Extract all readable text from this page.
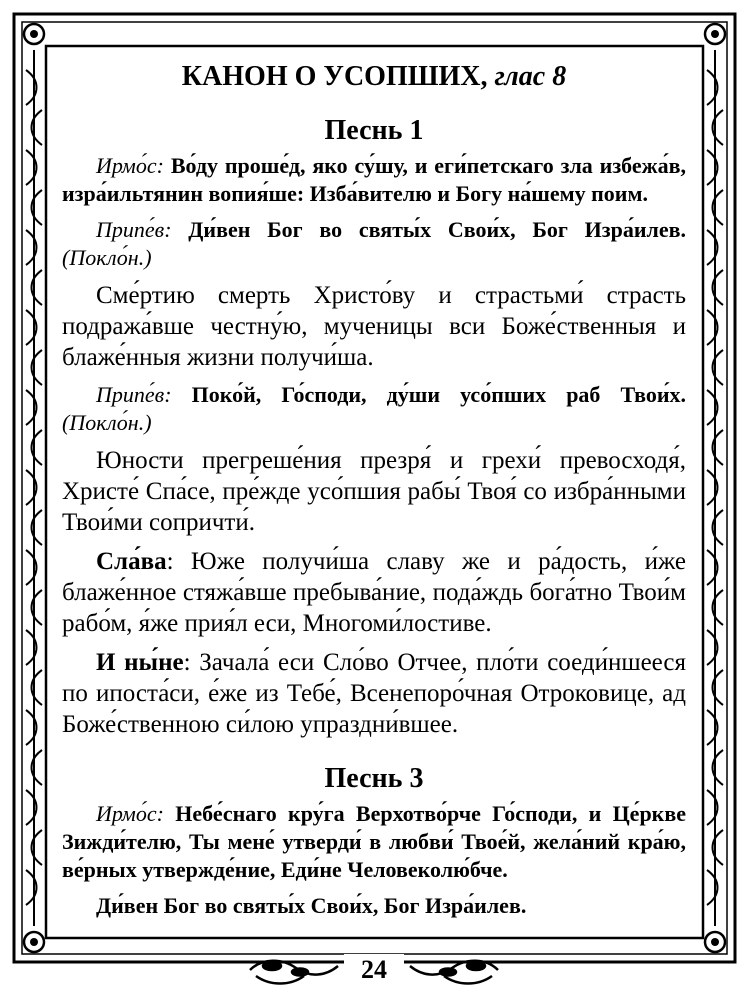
КАНОН О УСОПШИХ, глас 8
Песнь 1

Ирмо́с: Во́ду проше́д, яко су́шу, и еги́петскаго зла избежа́в, изра́ильтянин вопия́ше: Изба́вителю и Богу на́шему поим.

Припе́в: Ди́вен Бог во святы́х Свои́х, Бог Изра́илев. (Покло́н.)

Сме́ртию смерть Христо́ву и страстьми́ страсть подража́вше честну́ю, мученицы вси Боже́ственныя и блаже́нныя жизни получи́ша.

Припе́в: Поко́й, Го́споди, ду́ши усо́пших раб Твои́х. (Покло́н.)

Юности прегреше́ния презря́ и грехи́ превосходя́, Христе́ Спа́се, пре́жде усо́пшия рабы́ Твоя́ со избра́нными Твои́ми сопричти́.

Сла́ва: Юже получи́ша славу же и ра́дость, и́же блаже́нное стяжа́вше пребыва́ние, пода́ждь бога́тно Твои́м рабо́м, я́же прия́л еси, Многоми́лостиве.

И ны́не: Зачала́ еси Сло́во Отчее, пло́ти соеди́ншееся по ипоста́си, е́же из Тебе́, Всенепоро́чная Отроковице, ад Боже́ственною си́лою упраздни́вшее.

Песнь 3

Ирмо́с: Небе́снаго кру́га Верхотво́рче Го́споди, и Це́ркве Зижди́телю, Ты мене́ утверди́ в любви́ Твое́й, жела́ний кра́ю, ве́рных утвержде́ние, Еди́не Человеколю́бче.

Ди́вен Бог во святы́х Свои́х, Бог Изра́илев.

24
